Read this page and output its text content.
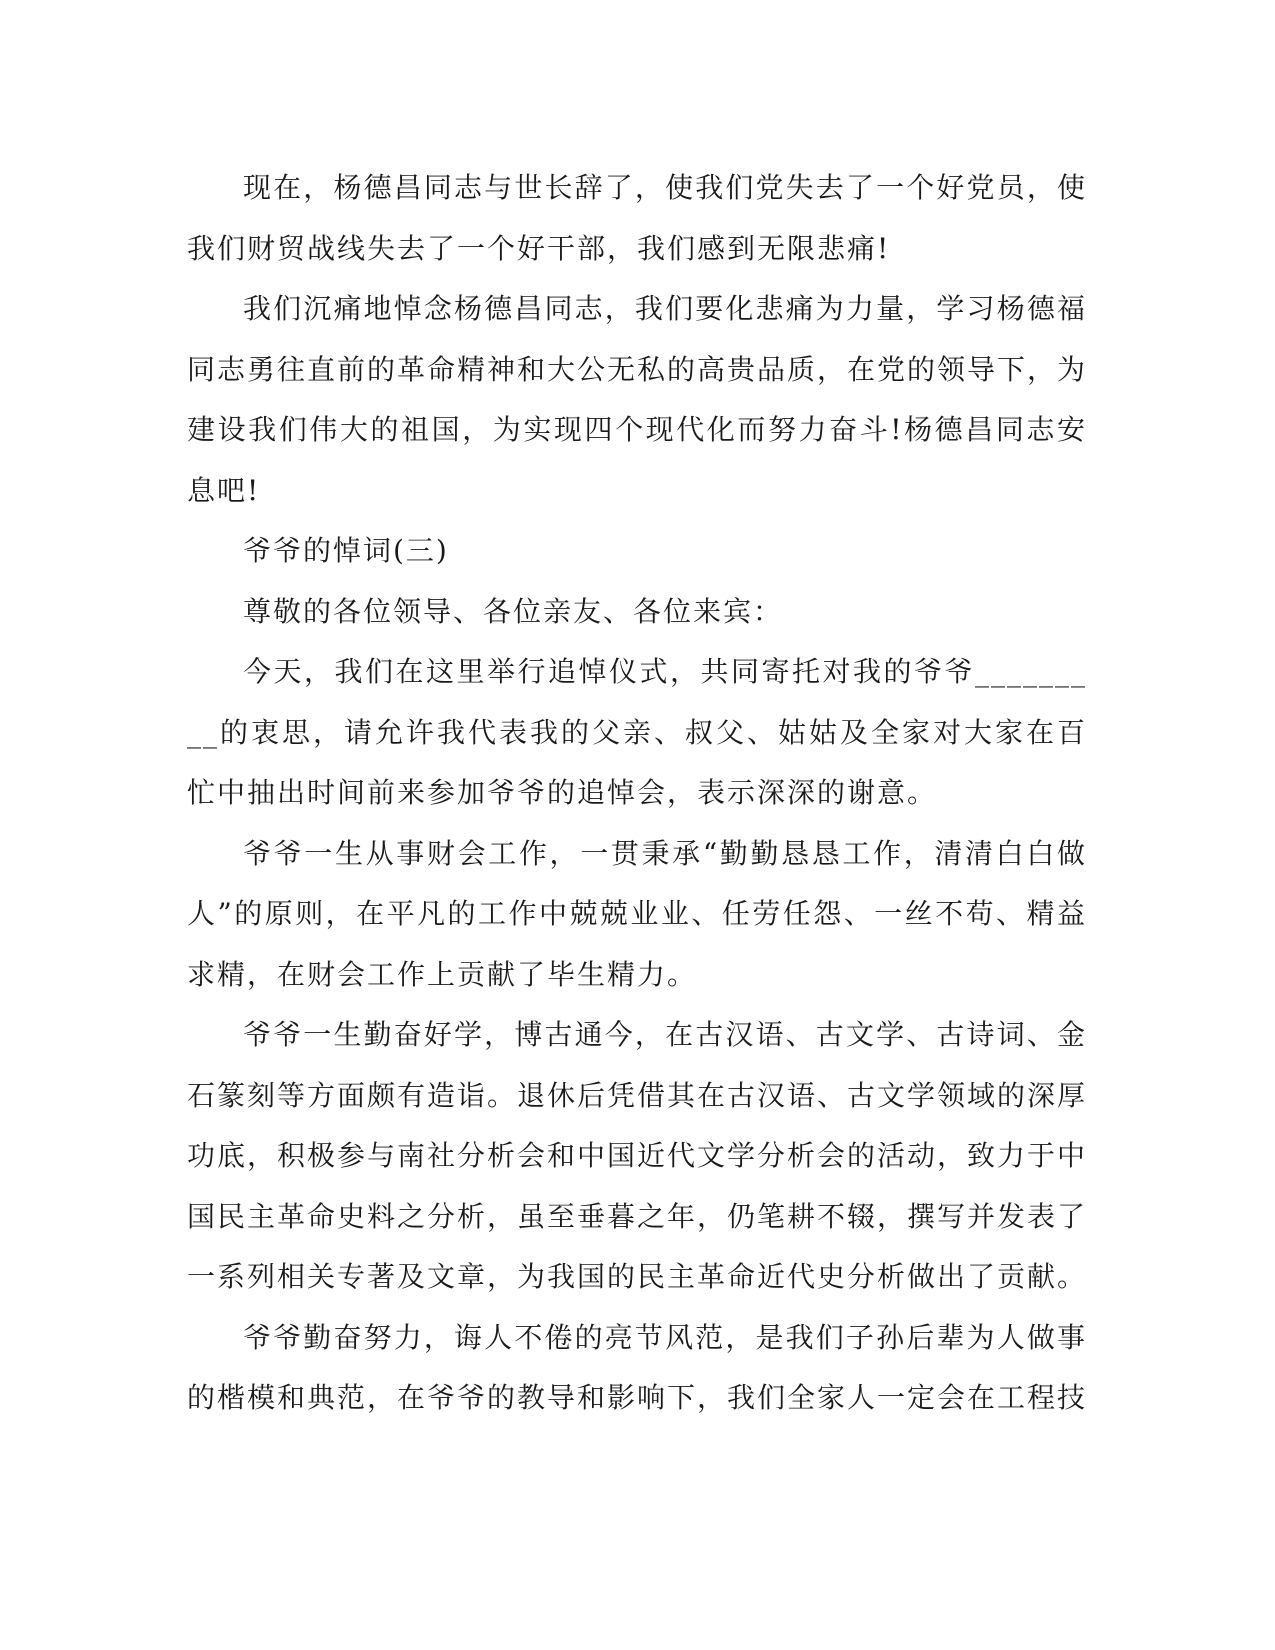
现在，杨德昌同志与世长辞了，使我们党失去了一个好党员，使我们财贸战线失去了一个好干部，我们感到无限悲痛!

我们沉痛地悼念杨德昌同志，我们要化悲痛为力量，学习杨德福同志勇往直前的革命精神和大公无私的高贵品质，在党的领导下，为建设我们伟大的祖国，为实现四个现代化而努力奋斗!杨德昌同志安息吧!

爷爷的悼词(三)

尊敬的各位领导、各位亲友、各位来宾：

今天，我们在这里举行追悼仪式，共同寄托对我的爷爷_________的衷思，请允许我代表我的父亲、叔父、姑姑及全家对大家在百忙中抽出时间前来参加爷爷的追悼会，表示深深的谢意。

爷爷一生从事财会工作，一贯秉承“勤勤恳恳工作，清清白白做人”的原则，在平凡的工作中兢兢业业、任劳任怨、一丝不苟、精益求精，在财会工作上贡献了毕生精力。

爷爷一生勤奋好学，博古通今，在古汉语、古文学、古诗词、金石篆刻等方面颇有造诣。退休后凭借其在古汉语、古文学领域的深厚功底，积极参与南社分析会和中国近代文学分析会的活动，致力于中国民主革命史料之分析，虽至垂暮之年，仍笔耕不辍，撰写并发表了一系列相关专著及文章，为我国的民主革命近代史分析做出了贡献。

爷爷勤奋努力，诲人不倦的亮节风范，是我们子孙后辈为人做事的楷模和典范，在爷爷的教导和影响下，我们全家人一定会在工程技
